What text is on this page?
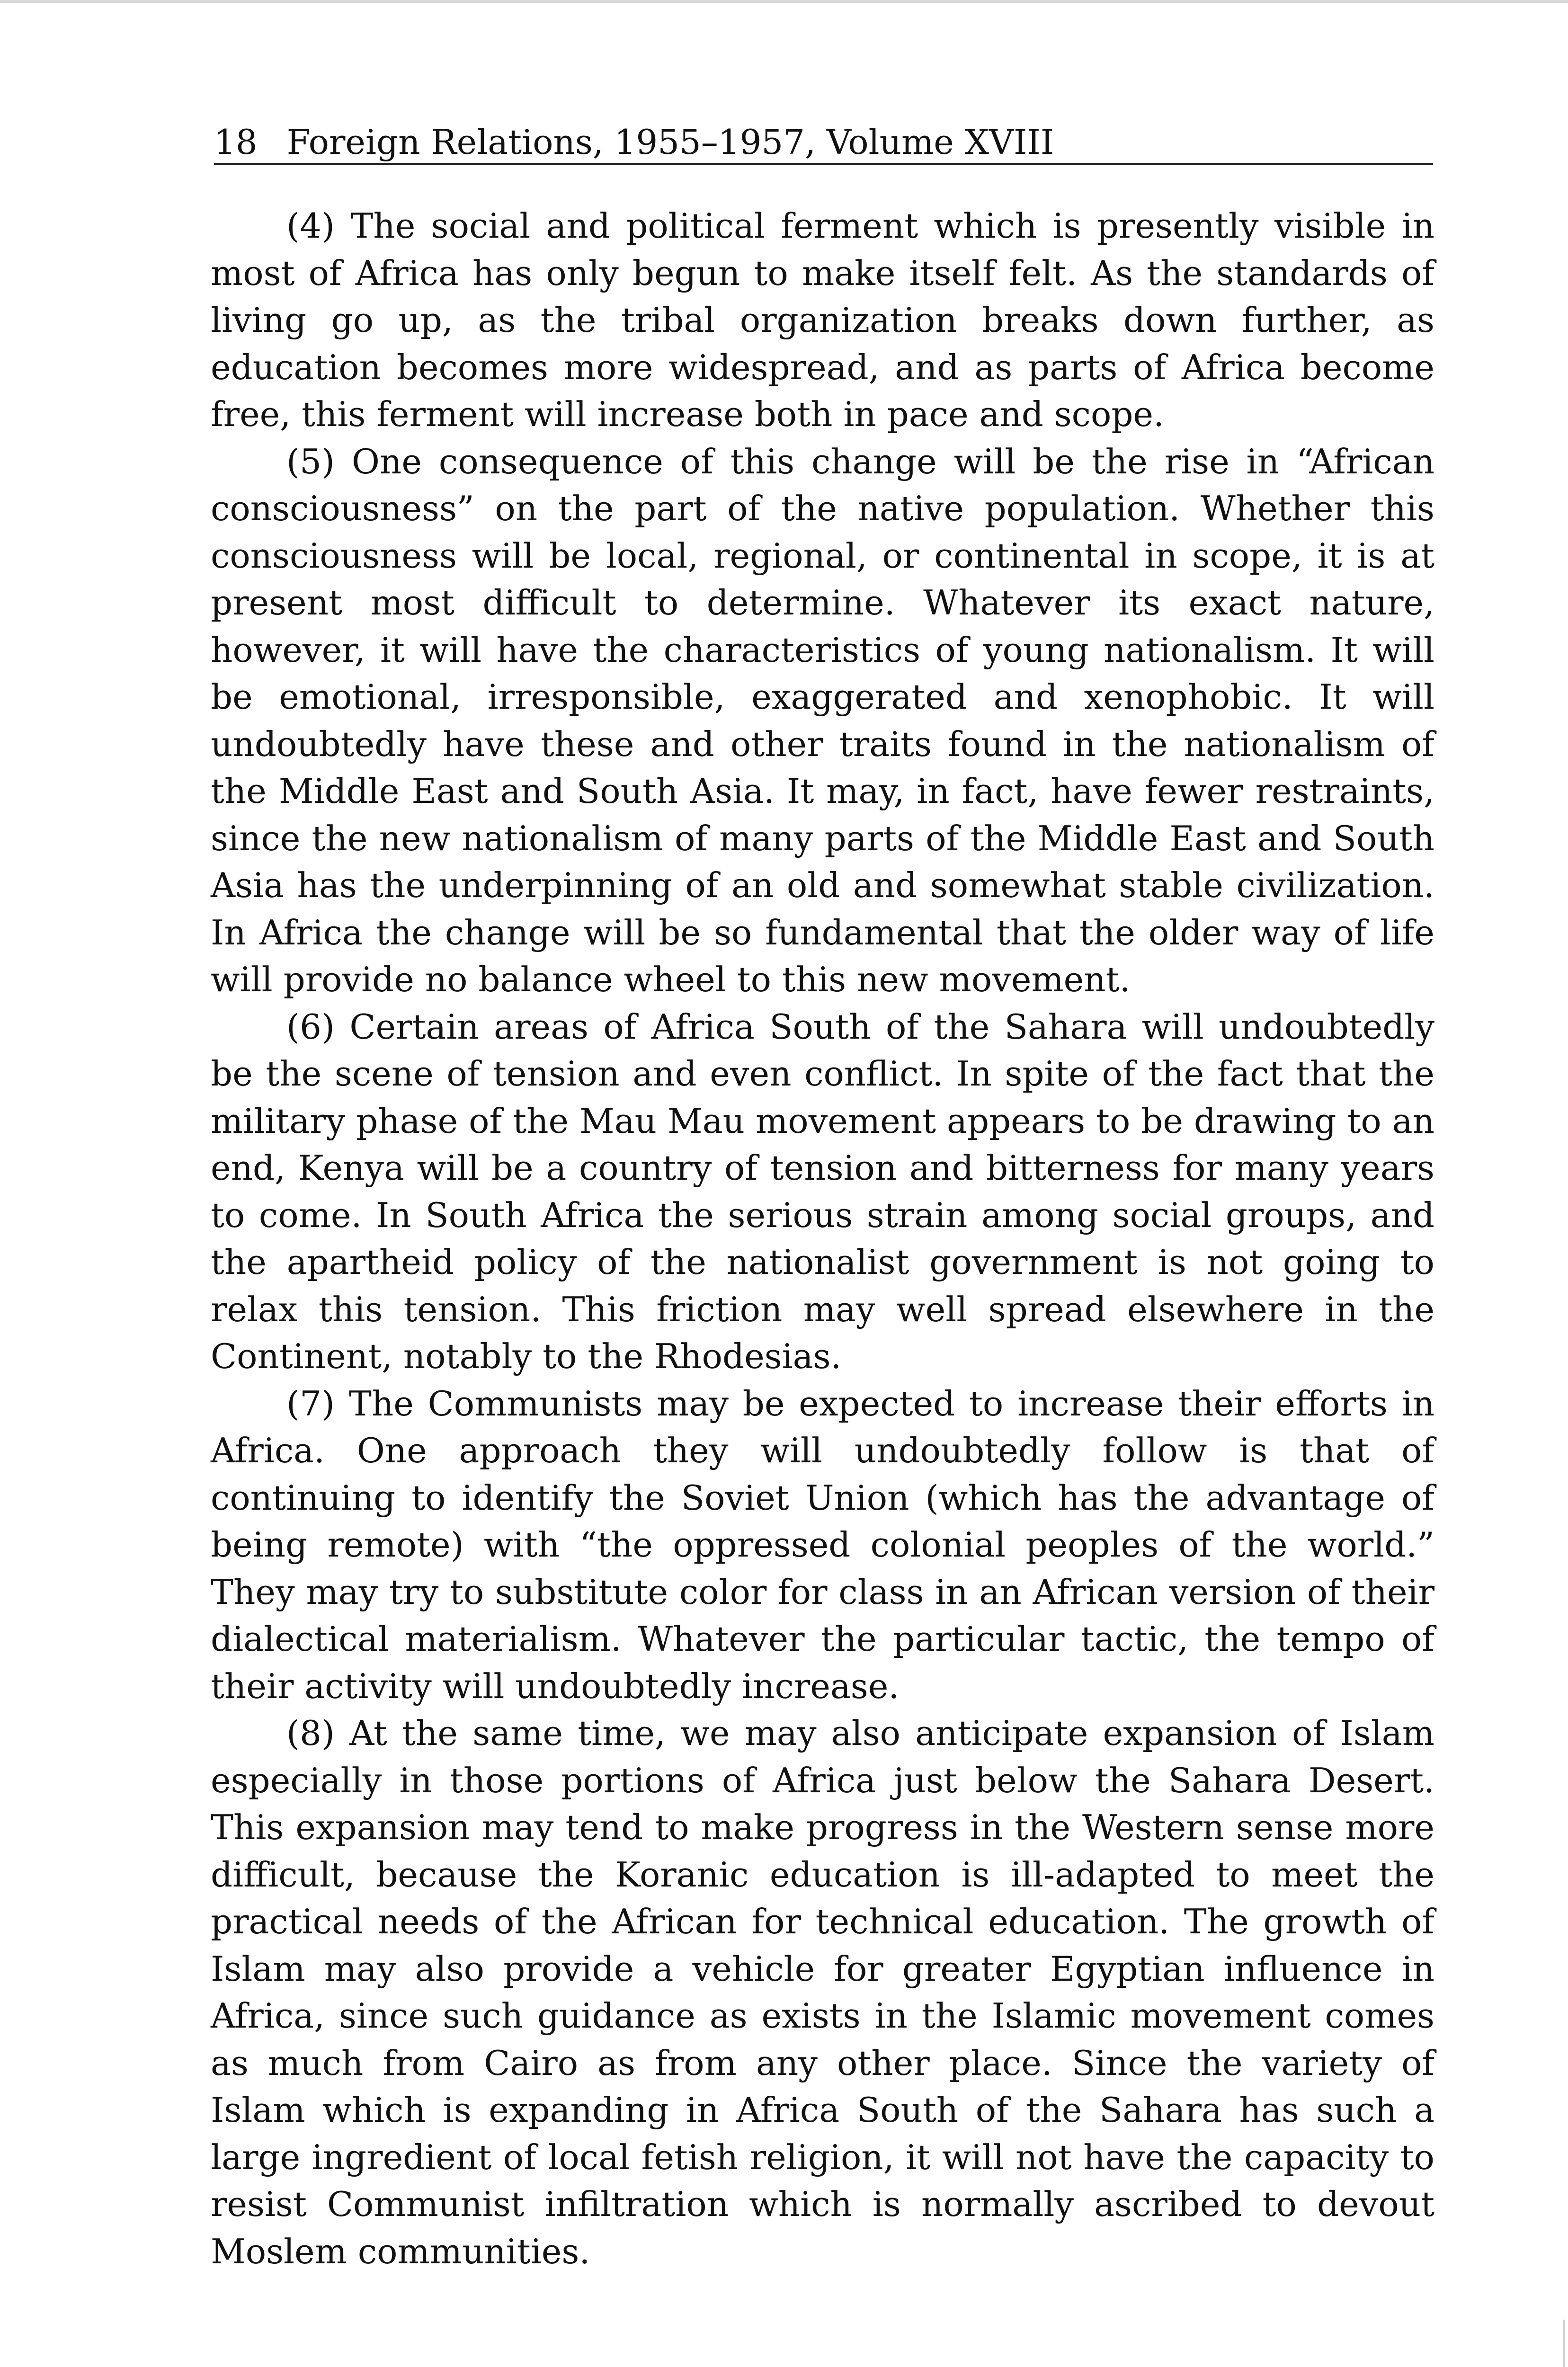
18 Foreign Relations, 1955–1957, Volume XVIII

(4) The social and political ferment which is presently visible in most of Africa has only begun to make itself felt. As the standards of living go up, as the tribal organization breaks down further, as education becomes more widespread, and as parts of Africa become free, this ferment will increase both in pace and scope.

(5) One consequence of this change will be the rise in “African consciousness” on the part of the native population. Whether this consciousness will be local, regional, or continental in scope, it is at present most difficult to determine. Whatever its exact nature, however, it will have the characteristics of young nationalism. It will be emotional, irresponsible, exaggerated and xenophobic. It will undoubtedly have these and other traits found in the nationalism of the Middle East and South Asia. It may, in fact, have fewer restraints, since the new nationalism of many parts of the Middle East and South Asia has the underpinning of an old and somewhat stable civilization. In Africa the change will be so fundamental that the older way of life will provide no balance wheel to this new movement.

(6) Certain areas of Africa South of the Sahara will undoubtedly be the scene of tension and even conflict. In spite of the fact that the military phase of the Mau Mau movement appears to be drawing to an end, Kenya will be a country of tension and bitterness for many years to come. In South Africa the serious strain among social groups, and the apartheid policy of the nationalist government is not going to relax this tension. This friction may well spread elsewhere in the Continent, notably to the Rhodesias.

(7) The Communists may be expected to increase their efforts in Africa. One approach they will undoubtedly follow is that of continuing to identify the Soviet Union (which has the advantage of being remote) with “the oppressed colonial peoples of the world.” They may try to substitute color for class in an African version of their dialectical materialism. Whatever the particular tactic, the tempo of their activity will undoubtedly increase.

(8) At the same time, we may also anticipate expansion of Islam especially in those portions of Africa just below the Sahara Desert. This expansion may tend to make progress in the Western sense more difficult, because the Koranic education is ill-adapted to meet the practical needs of the African for technical education. The growth of Islam may also provide a vehicle for greater Egyptian influence in Africa, since such guidance as exists in the Islamic movement comes as much from Cairo as from any other place. Since the variety of Islam which is expanding in Africa South of the Sahara has such a large ingredient of local fetish religion, it will not have the capacity to resist Communist infiltration which is normally ascribed to devout Moslem communities.
